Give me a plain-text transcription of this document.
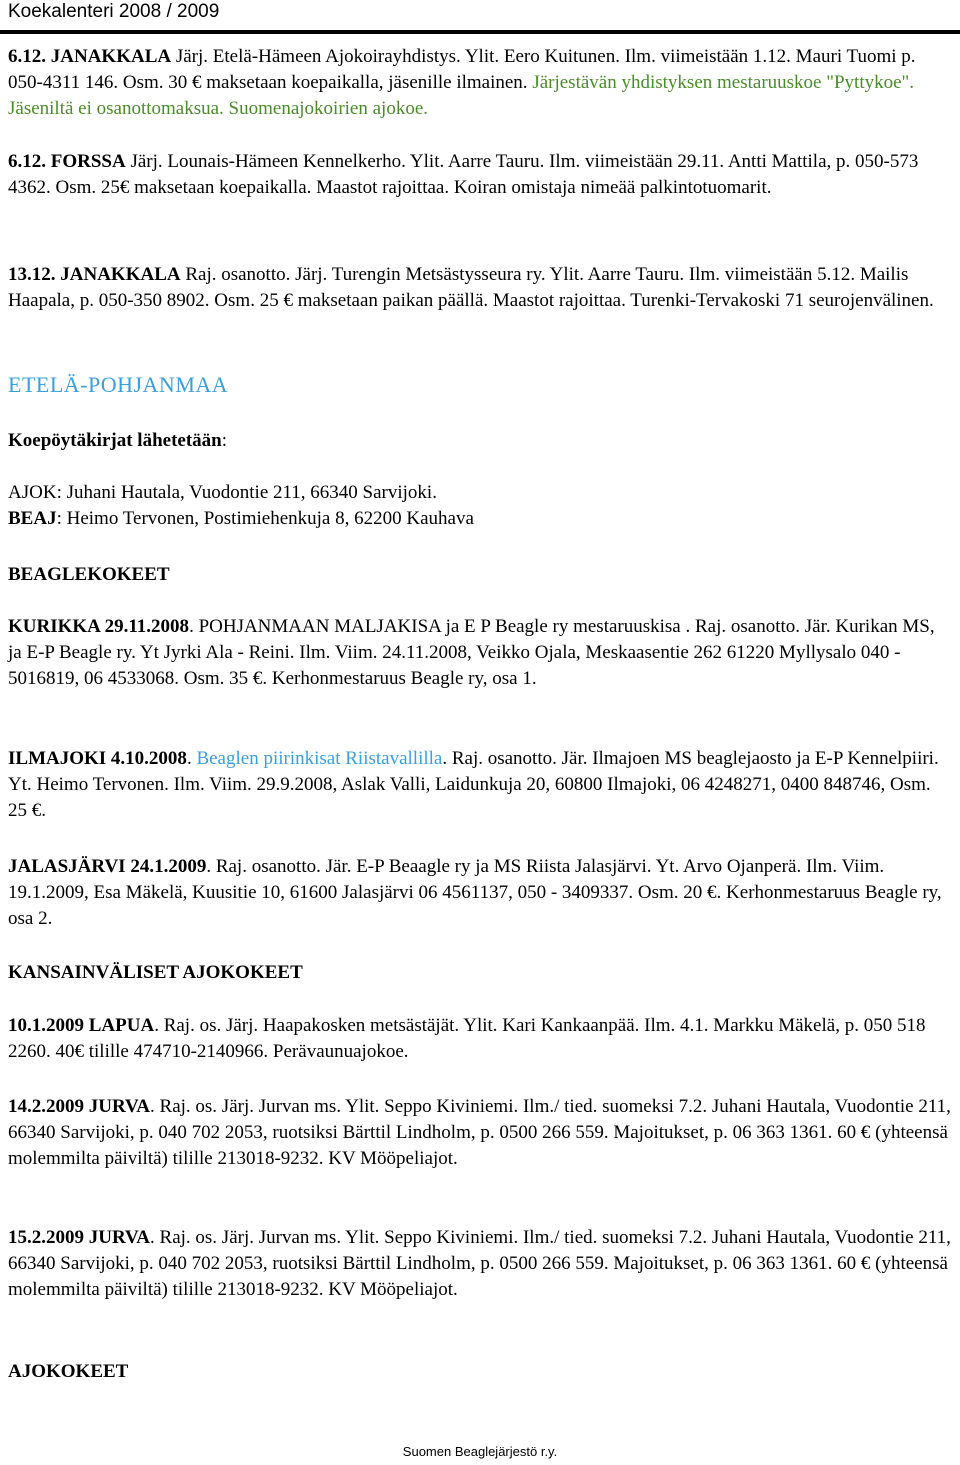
Koekalenteri 2008 / 2009

6.12. JANAKKALA Järj. Etelä-Hämeen Ajokoirayhdistys. Ylit. Eero Kuitunen. Ilm. viimeistään 1.12. Mauri Tuomi p. 050-4311 146. Osm. 30 € maksetaan koepaikalla, jäsenille ilmainen. Järjestävän yhdistyksen mestaruuskoe "Pyttykoe". Jäseniltä ei osanottomaksua. Suomenajokoirien ajokoe.

6.12. FORSSA Järj. Lounais-Hämeen Kennelkerho. Ylit. Aarre Tauru. Ilm. viimeistään 29.11. Antti Mattila, p. 050-573 4362. Osm. 25€ maksetaan koepaikalla. Maastot rajoittaa. Koiran omistaja nimeää palkintotuomarit.

13.12. JANAKKALA Raj. osanotto. Järj. Turengin Metsästysseura ry. Ylit. Aarre Tauru. Ilm. viimeistään 5.12. Mailis Haapala, p. 050-350 8902. Osm. 25 € maksetaan paikan päällä. Maastot rajoittaa. Turenki-Tervakoski 71 seurojenvälinen.

ETELÄ-POHJANMAA

Koepöytäkirjat lähetetään:

AJOK: Juhani Hautala, Vuodontie 211, 66340 Sarvijoki.

BEAJ: Heimo Tervonen, Postimiehenkuja 8, 62200 Kauhava

BEAGLEKOKEET

KURIKKA 29.11.2008. POHJANMAAN MALJAKISA ja E P Beagle ry mestaruuskisa . Raj. osanotto. Jär. Kurikan MS, ja E-P Beagle ry. Yt Jyrki Ala - Reini. Ilm. Viim. 24.11.2008, Veikko Ojala, Meskaasentie 262 61220 Myllysalo 040 - 5016819, 06 4533068. Osm. 35 €. Kerhonmestaruus Beagle ry, osa 1.

ILMAJOKI 4.10.2008. Beaglen piirinkisat Riistavallilla. Raj. osanotto. Jär. Ilmajoen MS beaglejaosto ja E-P Kennelpiiri. Yt. Heimo Tervonen. Ilm. Viim. 29.9.2008, Aslak Valli, Laidunkuja 20, 60800 Ilmajoki, 06 4248271, 0400 848746, Osm. 25 €.

JALASJÄRVI 24.1.2009. Raj. osanotto. Jär. E-P Beaagle ry ja MS Riista Jalasjärvi. Yt. Arvo Ojanperä. Ilm. Viim. 19.1.2009, Esa Mäkelä, Kuusitie 10, 61600 Jalasjärvi 06 4561137, 050 - 3409337. Osm. 20 €. Kerhonmestaruus Beagle ry, osa 2.

KANSAINVÄLISET AJOKOKEET

10.1.2009 LAPUA. Raj. os. Järj. Haapakosken metsästäjät. Ylit. Kari Kankaanpää. Ilm. 4.1. Markku Mäkelä, p. 050 518 2260. 40€ tilille 474710-2140966. Perävaunuajokoe.

14.2.2009 JURVA. Raj. os. Järj. Jurvan ms. Ylit. Seppo Kiviniemi. Ilm./ tied. suomeksi 7.2. Juhani Hautala, Vuodontie 211, 66340 Sarvijoki, p. 040 702 2053, ruotsiksi Bärttil Lindholm, p. 0500 266 559. Majoitukset, p. 06 363 1361. 60 € (yhteensä molemmilta päiviltä) tilille 213018-9232. KV Mööpeliajot.

15.2.2009 JURVA. Raj. os. Järj. Jurvan ms. Ylit. Seppo Kiviniemi. Ilm./ tied. suomeksi 7.2. Juhani Hautala, Vuodontie 211, 66340 Sarvijoki, p. 040 702 2053, ruotsiksi Bärttil Lindholm, p. 0500 266 559. Majoitukset, p. 06 363 1361. 60 € (yhteensä molemmilta päiviltä) tilille 213018-9232. KV Mööpeliajot.

AJOKOKEET

Suomen Beaglejärjestö r.y.
